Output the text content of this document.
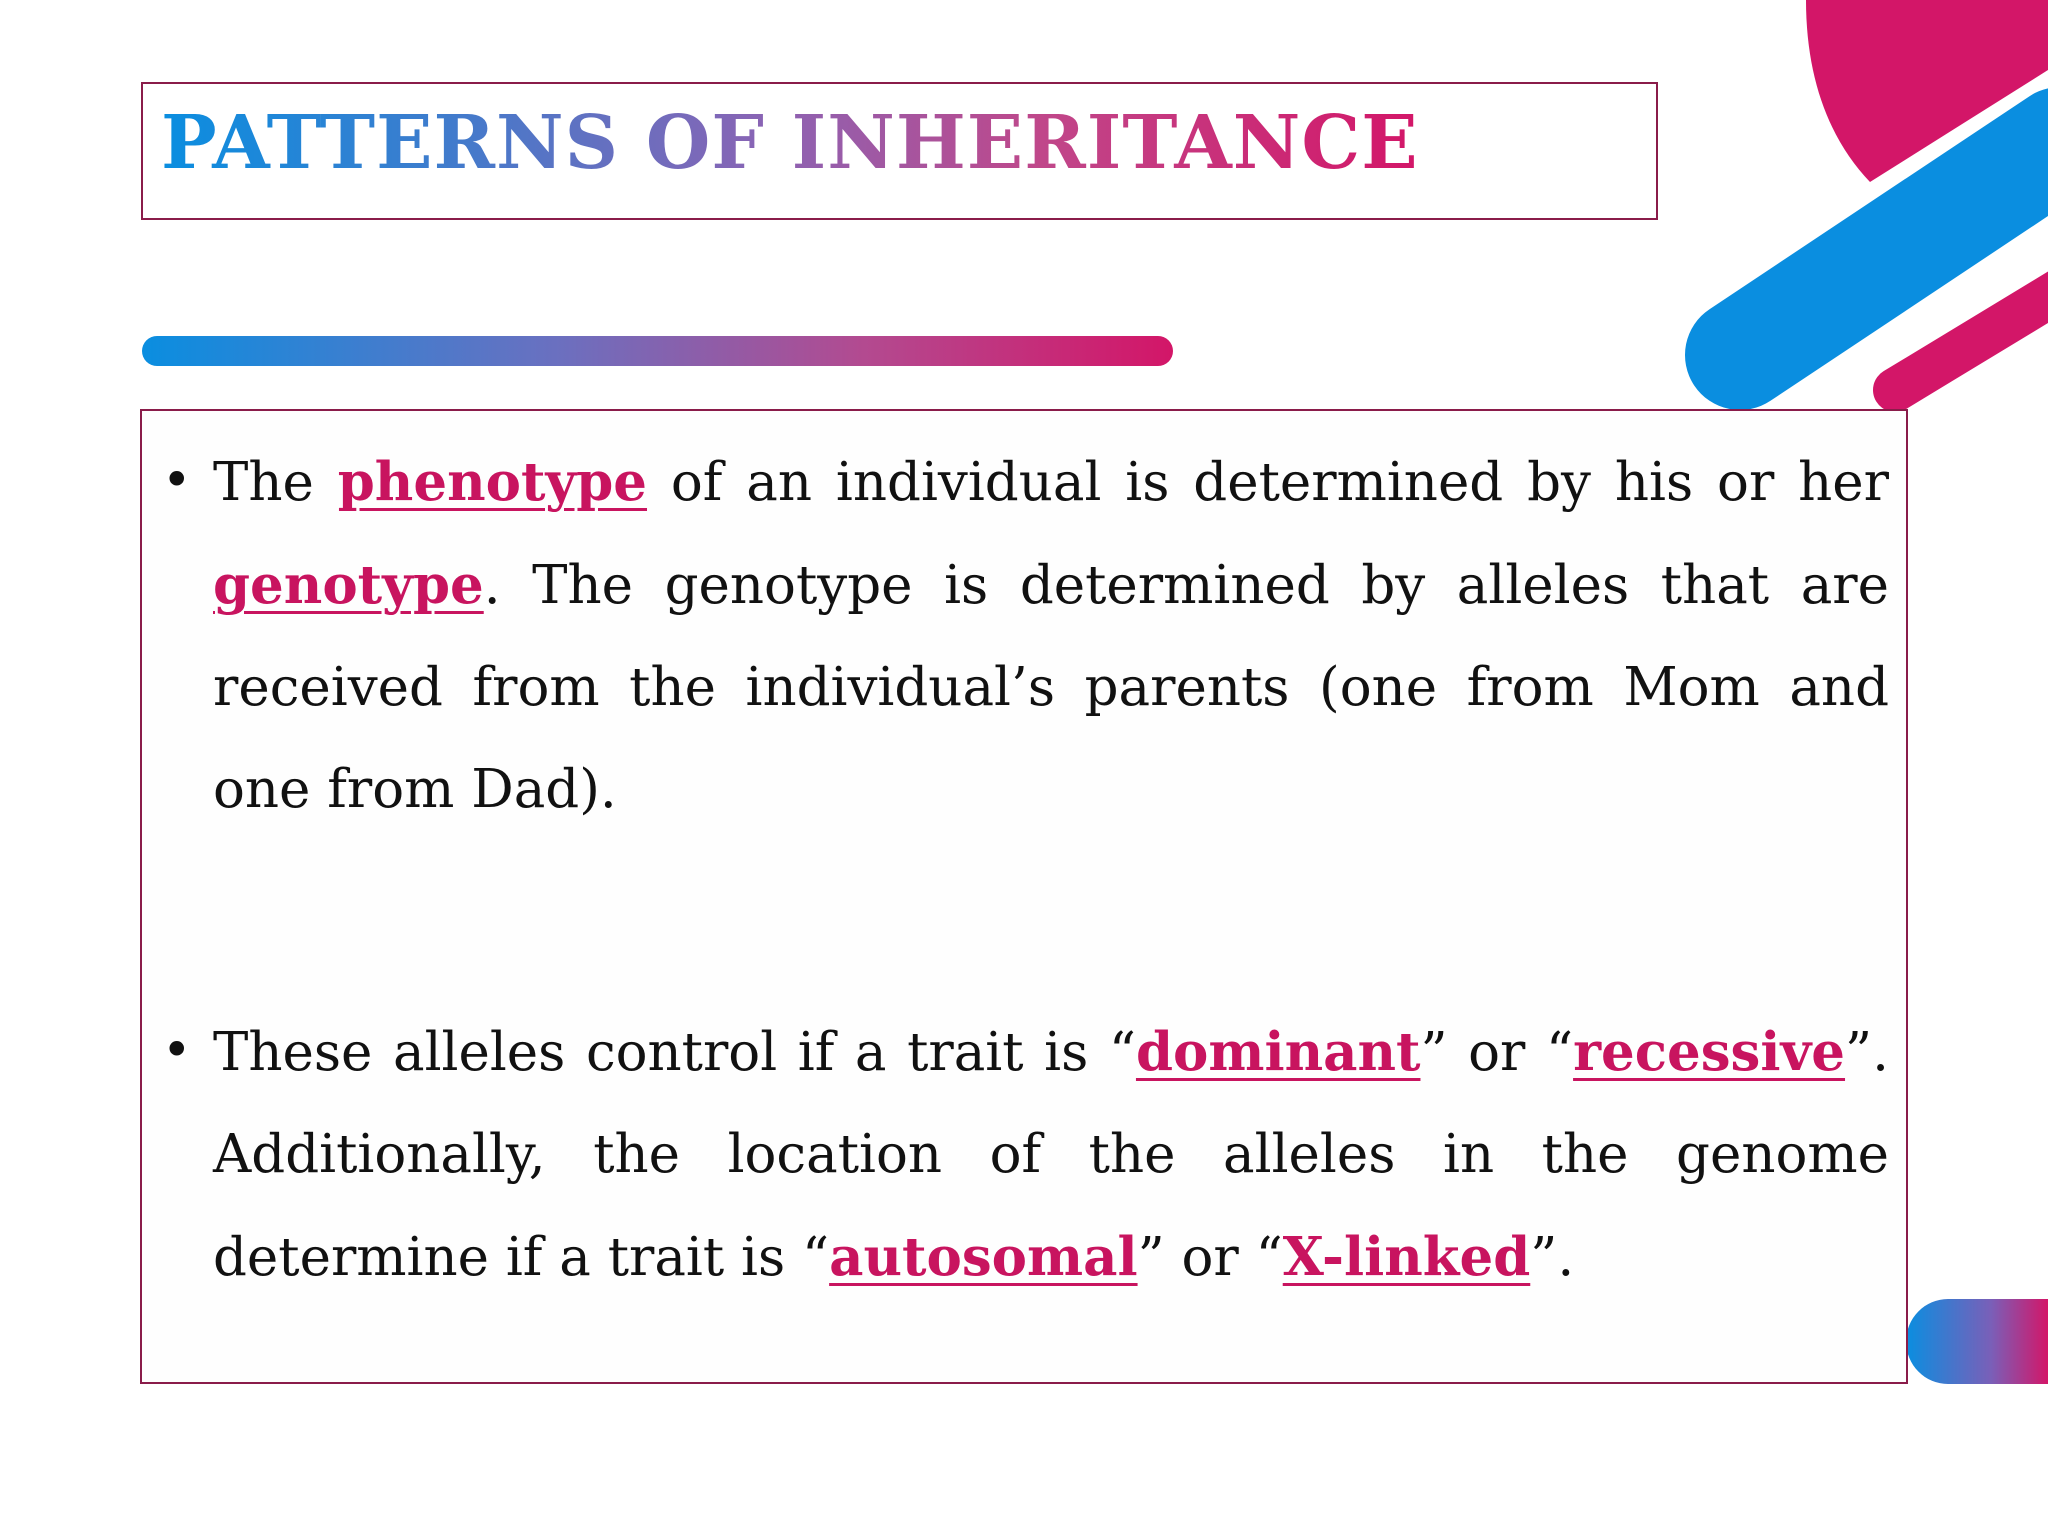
PATTERNS OF INHERITANCE
• The phenotype of an individual is determined by his or her genotype. The genotype is determined by alleles that are received from the individual’s parents (one from Mom and one from Dad).

• These alleles control if a trait is “dominant” or “recessive”. Additionally, the location of the alleles in the genome determine if a trait is “autosomal” or “X-linked”.
